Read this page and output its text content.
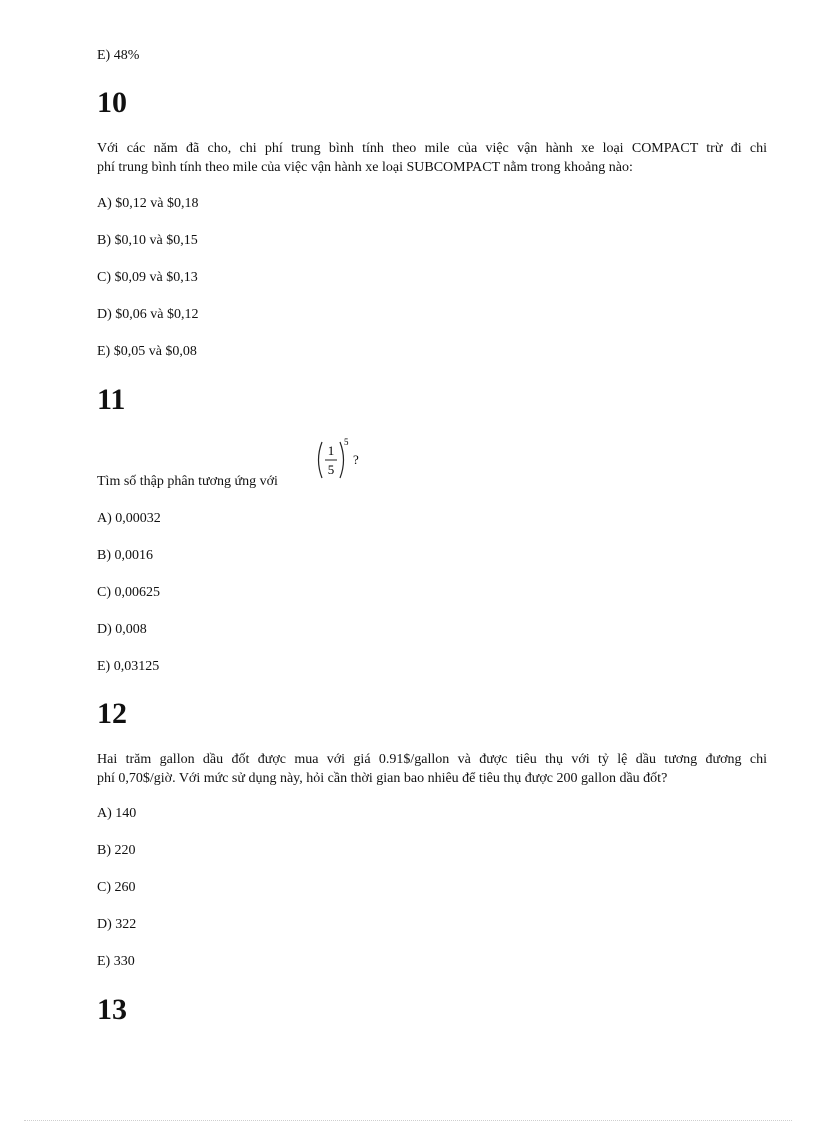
E) 48%
10

Với các năm đã cho, chi phí trung bình tính theo mile của việc vận hành xe loại COMPACT trừ đi chi

phí trung bình tính theo mile của việc vận hành xe loại SUBCOMPACT nằm trong khoảng nào:

A) $0,12 và $0,18
B) $0,10 và $0,15
C) $0,09 và $0,13
D) $0,06 và $0,12
E) $0,05 và $0,08
11
Tìm số thập phân tương ứng với
1
5
5
?
A) 0,00032
B) 0,0016
C) 0,00625
D) 0,008
E) 0,03125
12

Hai trăm gallon dầu đốt được mua với giá 0.91$/gallon và được tiêu thụ với tỷ lệ dầu tương đương chi

phí 0,70$/giờ. Với mức sử dụng này, hỏi cần thời gian bao nhiêu để tiêu thụ được 200 gallon dầu đốt?

A) 140
B) 220
C) 260
D) 322
E) 330
13
